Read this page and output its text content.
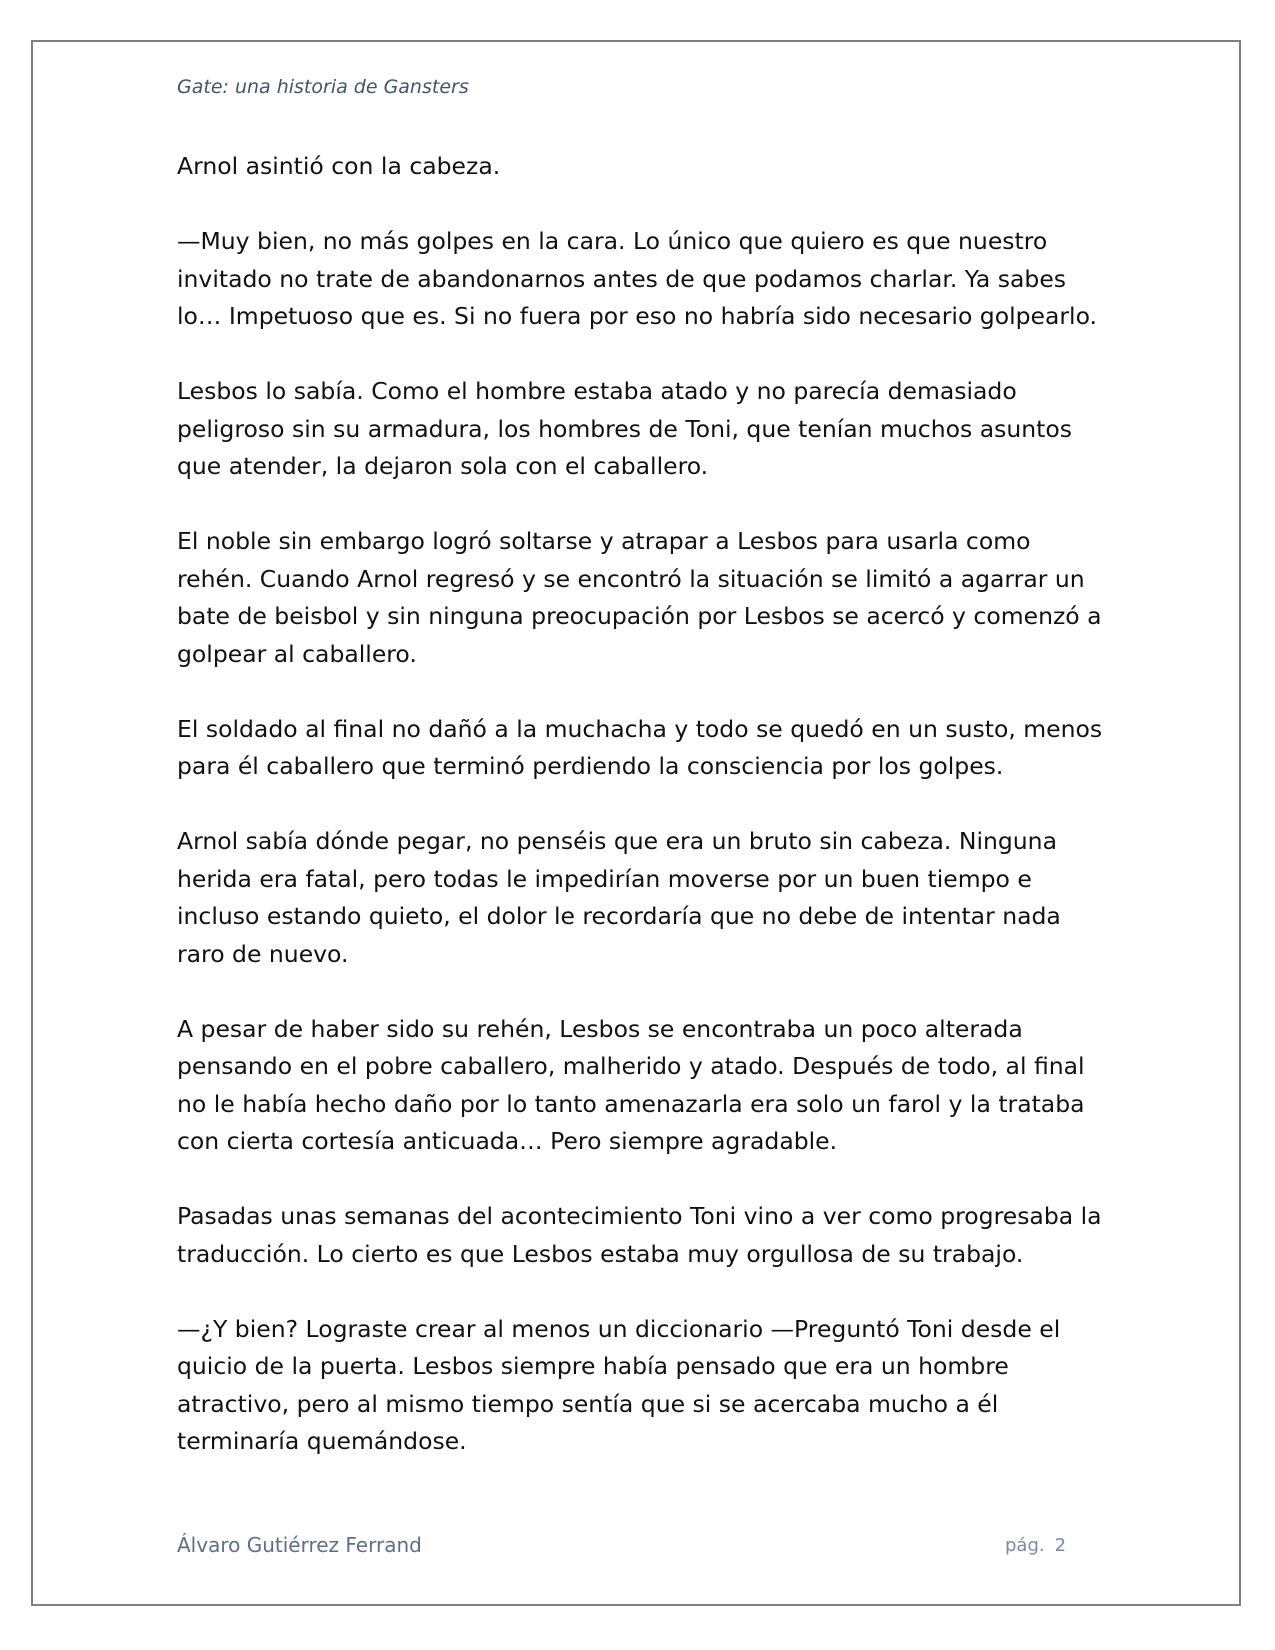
Gate: una historia de Gansters

Arnol asintió con la cabeza.

—Muy bien, no más golpes en la cara. Lo único que quiero es que nuestro invitado no trate de abandonarnos antes de que podamos charlar. Ya sabes lo… Impetuoso que es. Si no fuera por eso no habría sido necesario golpearlo.

Lesbos lo sabía. Como el hombre estaba atado y no parecía demasiado peligroso sin su armadura, los hombres de Toni, que tenían muchos asuntos que atender, la dejaron sola con el caballero.

El noble sin embargo logró soltarse y atrapar a Lesbos para usarla como rehén. Cuando Arnol regresó y se encontró la situación se limitó a agarrar un bate de beisbol y sin ninguna preocupación por Lesbos se acercó y comenzó a golpear al caballero.

El soldado al final no dañó a la muchacha y todo se quedó en un susto, menos para él caballero que terminó perdiendo la consciencia por los golpes.

Arnol sabía dónde pegar, no penséis que era un bruto sin cabeza. Ninguna herida era fatal, pero todas le impedirían moverse por un buen tiempo e incluso estando quieto, el dolor le recordaría que no debe de intentar nada raro de nuevo.

A pesar de haber sido su rehén, Lesbos se encontraba un poco alterada pensando en el pobre caballero, malherido y atado. Después de todo, al final no le había hecho daño por lo tanto amenazarla era solo un farol y la trataba con cierta cortesía anticuada… Pero siempre agradable.

Pasadas unas semanas del acontecimiento Toni vino a ver como progresaba la traducción. Lo cierto es que Lesbos estaba muy orgullosa de su trabajo.

—¿Y bien? Lograste crear al menos un diccionario —Preguntó Toni desde el quicio de la puerta. Lesbos siempre había pensado que era un hombre atractivo, pero al mismo tiempo sentía que si se acercaba mucho a él terminaría quemándose.

Álvaro Gutiérrez Ferrand	pág. 2
